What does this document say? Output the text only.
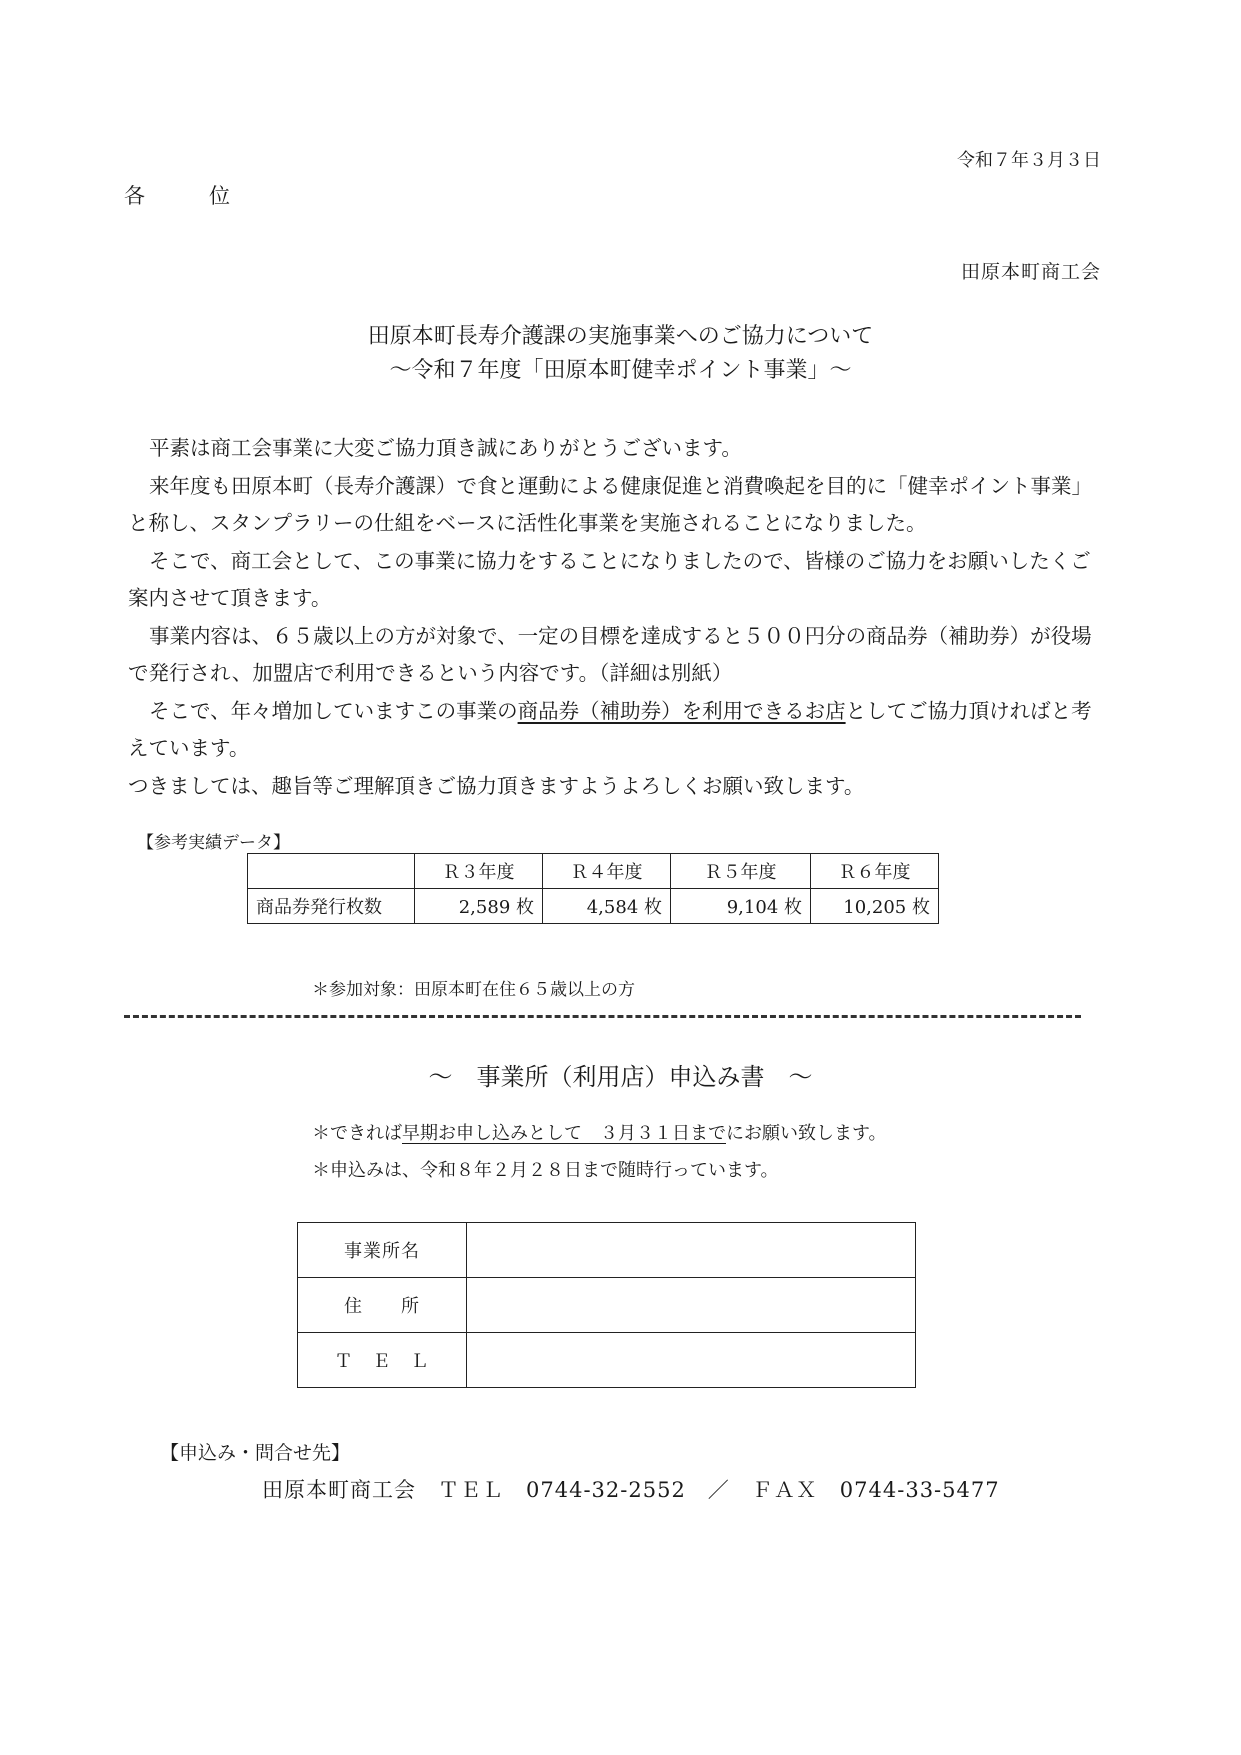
令和７年３月３日
各	位
田原本町商工会
田原本町長寿介護課の実施事業へのご協力について
～令和７年度「田原本町健幸ポイント事業」～

平素は商工会事業に大変ご協力頂き誠にありがとうございます。

来年度も田原本町（長寿介護課）で食と運動による健康促進と消費喚起を目的に「健幸ポイント事業」と称し、スタンプラリーの仕組をベースに活性化事業を実施されることになりました。

そこで、商工会として、この事業に協力をすることになりましたので、皆様のご協力をお願いしたくご案内させて頂きます。

事業内容は、６５歳以上の方が対象で、一定の目標を達成すると５００円分の商品券（補助券）が役場で発行され、加盟店で利用できるという内容です。（詳細は別紙）

そこで、年々増加していますこの事業の商品券（補助券）を利用できるお店としてご協力頂ければと考えています。

つきましては、趣旨等ご理解頂きご協力頂きますようよろしくお願い致します。

【参考実績データ】
	Ｒ３年度	Ｒ４年度	Ｒ５年度	Ｒ６年度
商品券発行枚数	2,589 枚	4,584 枚	9,104 枚	10,205 枚
＊参加対象：田原本町在住６５歳以上の方
～　事業所（利用店）申込み書　～
＊できれば早期お申し込みとして　３月３１日までにお願い致します。
＊申込みは、令和８年２月２８日まで随時行っています。
事業所名	
住　　所	
Ｔ　Ｅ　Ｌ	
【申込み・問合せ先】
田原本町商工会　ＴＥＬ　0744-32-2552　／　ＦＡＸ　0744-33-5477
